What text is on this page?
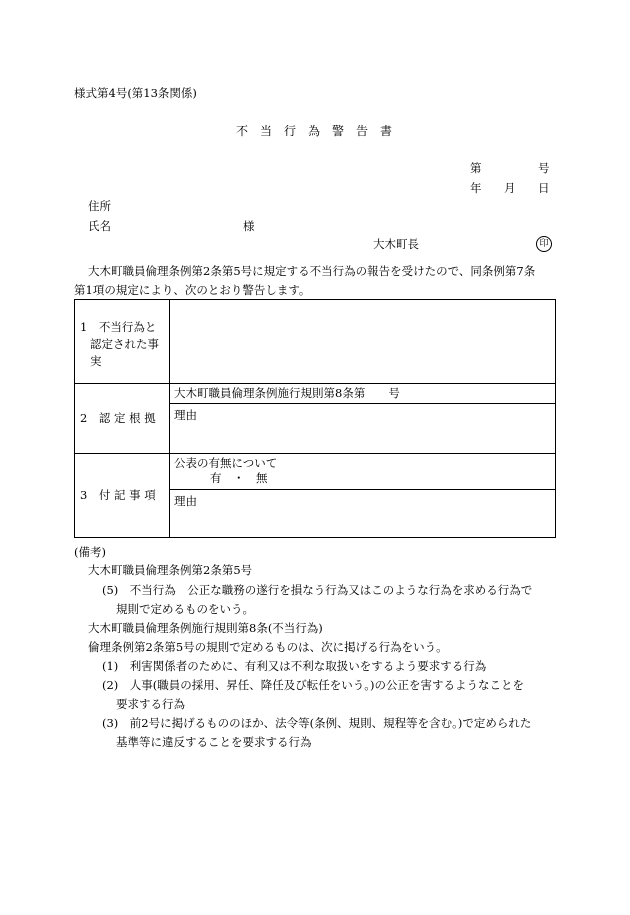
様式第4号(第13条関係)
不　当　行　為　警　告　書
第	号
年 月 日
住所
氏名	様
大木町長	印
大木町職員倫理条例第2条第5号に規定する不当行為の報告を受けたので、同条例第7条
第1項の規定により、次のとおり警告します。
1　不当行為と
認定された事
実	

2　認 定 根 拠	大木町職員倫理条例施行規則第8条第　　号

	理由

3　付 記 事 項	公表の有無について
有　・　無

	理由
(備考)
大木町職員倫理条例第2条第5号
(5)　不当行為　公正な職務の遂行を損なう行為又はこのような行為を求める行為で
規則で定めるものをいう。
大木町職員倫理条例施行規則第8条(不当行為)
倫理条例第2条第5号の規則で定めるものは、次に掲げる行為をいう。
(1)　利害関係者のために、有利又は不利な取扱いをするよう要求する行為
(2)　人事(職員の採用、昇任、降任及び転任をいう。)の公正を害するようなことを
要求する行為
(3)　前2号に掲げるもののほか、法令等(条例、規則、規程等を含む。)で定められた
基準等に違反することを要求する行為
